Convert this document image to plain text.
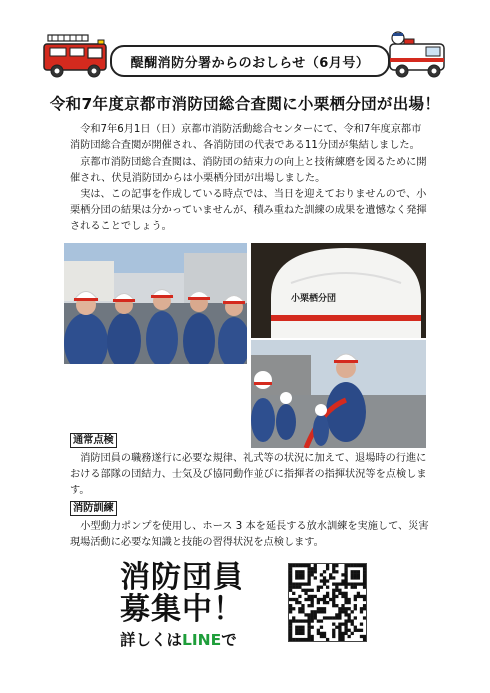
醍醐消防分署からのおしらせ（6月号）
令和7年度京都市消防団総合査閲に小栗栖分団が出場！

令和7年6月1日（日）京都市消防活動総合センターにて、令和7年度京都市消防団総合査閲が開催され、各消防団の代表である11分団が集結しました。

京都市消防団総合査閲は、消防団の結束力の向上と技術練磨を図るために開催され、伏見消防団からは小栗栖分団が出場しました。

実は、この記事を作成している時点では、当日を迎えておりませんので、小栗栖分団の結果は分かっていませんが、積み重ねた訓練の成果を遺憾なく発揮されることでしょう。

小栗栖分団
通常点検

消防団員の職務遂行に必要な規律、礼式等の状況に加えて、退場時の行進における部隊の団結力、士気及び協同動作並びに指揮者の指揮状況等を点検します。

消防訓練

小型動力ポンプを使用し、ホース 3 本を延長する放水訓練を実施して、災害現場活動に必要な知識と技能の習得状況を点検します。

消防団員
募集中！
詳しくはLINEで
